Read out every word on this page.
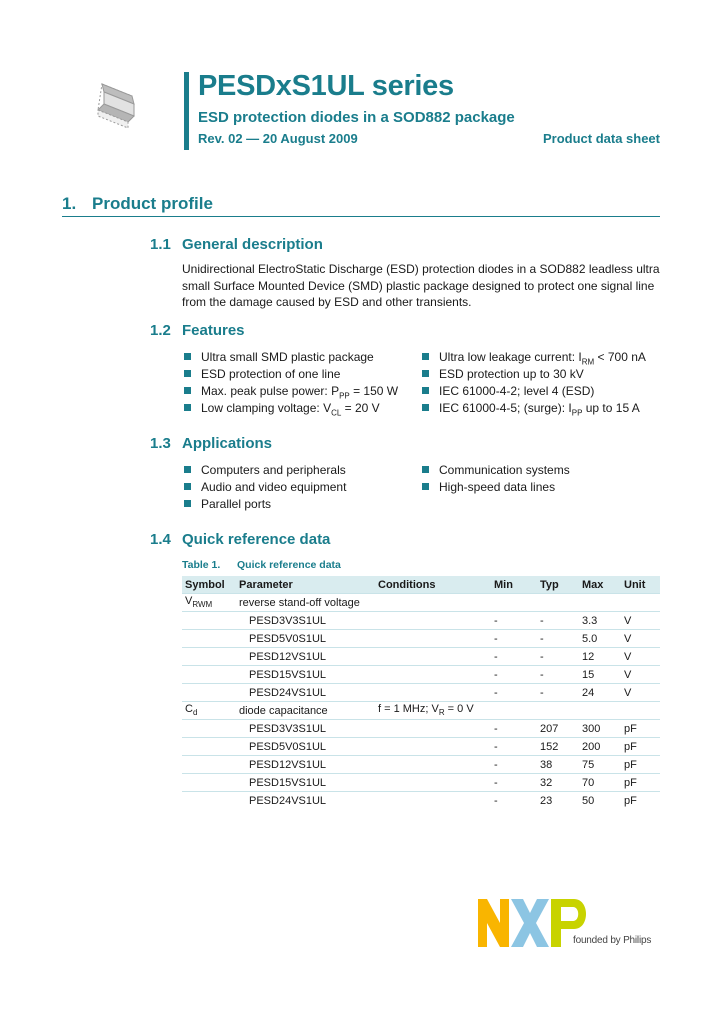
PESDxS1UL series
ESD protection diodes in a SOD882 package
Rev. 02 — 20 August 2009	Product data sheet
1. Product profile
1.1 General description
Unidirectional ElectroStatic Discharge (ESD) protection diodes in a SOD882 leadless ultra small Surface Mounted Device (SMD) plastic package designed to protect one signal line from the damage caused by ESD and other transients.
1.2 Features
Ultra small SMD plastic package
ESD protection of one line
Max. peak pulse power: $P_{PP} = 150$ W
Low clamping voltage: $V_{CL} = 20$ V
Ultra low leakage current: $I_{RM} < 700$ nA
ESD protection up to 30 kV
IEC 61000-4-2; level 4 (ESD)
IEC 61000-4-5; (surge): $I_{PP}$ up to 15 A
1.3 Applications
Computers and peripherals
Audio and video equipment
Parallel ports
Communication systems
High-speed data lines
1.4 Quick reference data
Table 1. Quick reference data
Symbol	Parameter	Conditions	Min	Typ	Max	Unit
$V_{RWM}$	reverse stand-off voltage					
	PESD3V3S1UL		-	-	3.3	V
	PESD5V0S1UL		-	-	5.0	V
	PESD12VS1UL		-	-	12	V
	PESD15VS1UL		-	-	15	V
	PESD24VS1UL		-	-	24	V
$C_d$	diode capacitance	f = 1 MHz; $V_R = 0$ V				
	PESD3V3S1UL		-	207	300	pF
	PESD5V0S1UL		-	152	200	pF
	PESD12VS1UL		-	38	75	pF
	PESD15VS1UL		-	32	70	pF
	PESD24VS1UL		-	23	50	pF
founded by Philips
